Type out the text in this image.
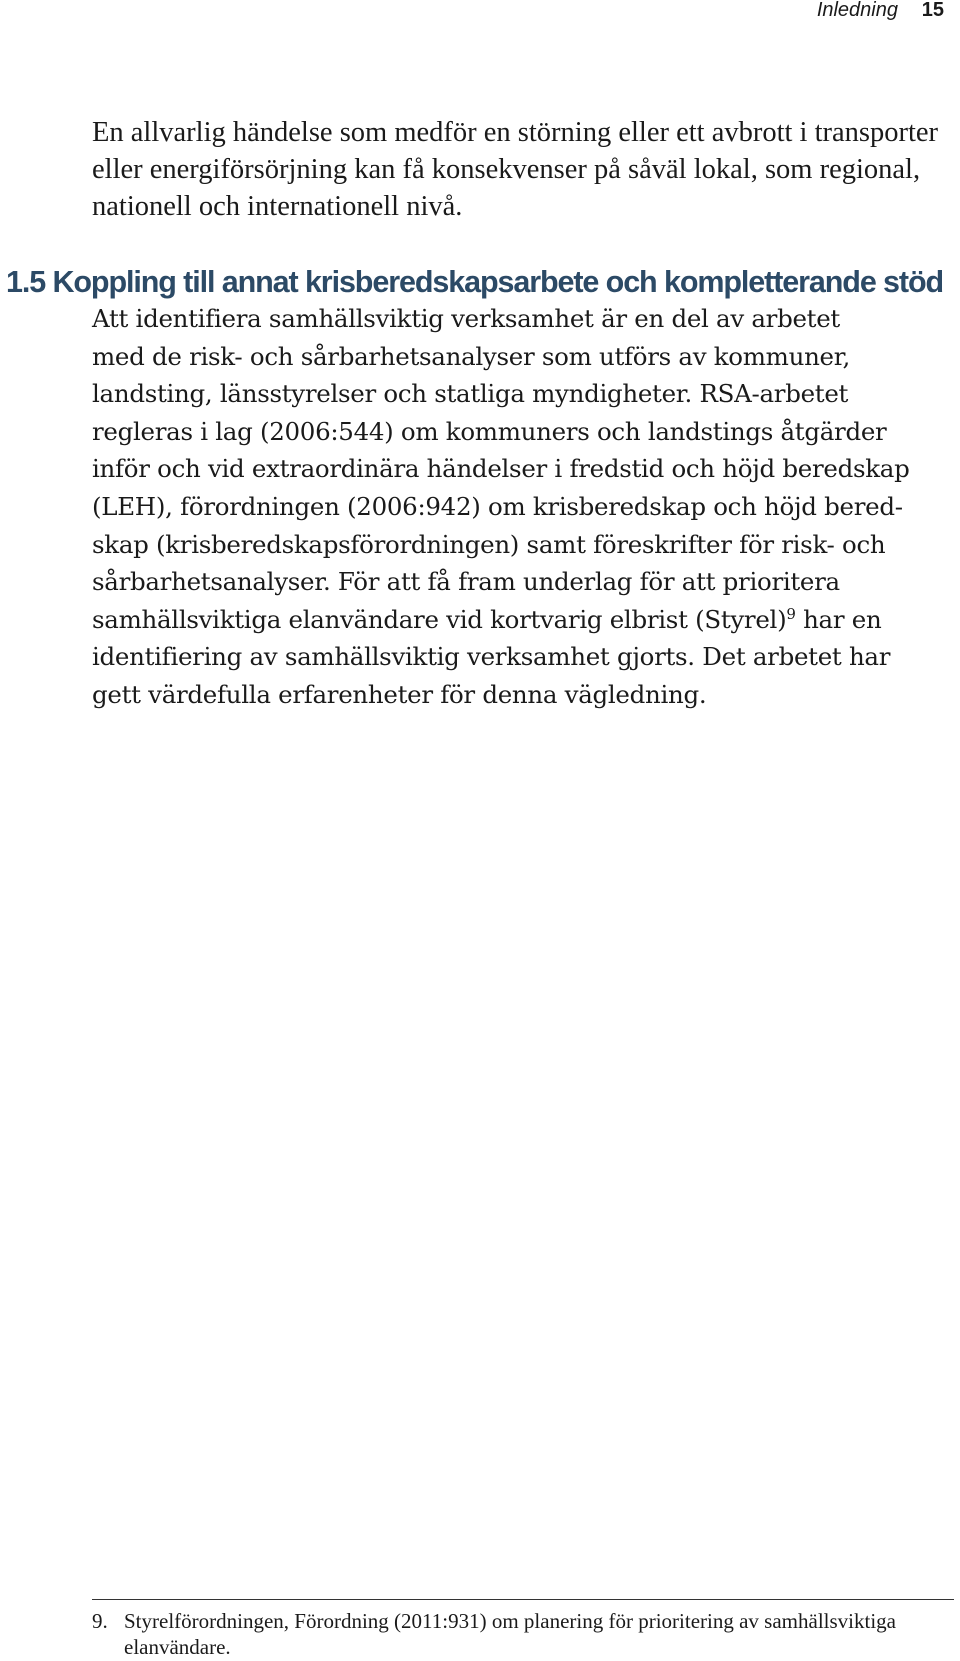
Inledning 15

En allvarlig händelse som medför en störning eller ett avbrott i transporter eller energiförsörjning kan få konsekvenser på såväl lokal, som regional, nationell och internationell nivå.

1.5 Koppling till annat krisberedskapsarbete och kompletterande stöd

Att identifiera samhällsviktig verksamhet är en del av arbetet
med de risk- och sårbarhetsanalyser som utförs av kommuner,
landsting, länsstyrelser och statliga myndigheter. RSA-arbetet
regleras i lag (2006:544) om kommuners och landstings åtgärder
inför och vid extraordinära händelser i fredstid och höjd beredskap
(LEH), förordningen (2006:942) om krisberedskap och höjd bered-
skap (krisberedskapsförordningen) samt föreskrifter för risk- och
sårbarhetsanalyser. För att få fram underlag för att prioritera
samhällsviktiga elanvändare vid kortvarig elbrist (Styrel)$^9$ har en
identifiering av samhällsviktig verksamhet gjorts. Det arbetet har
gett värdefulla erfarenheter för denna vägledning.

9. Styrelförordningen, Förordning (2011:931) om planering för prioritering av samhällsviktiga elanvändare.
